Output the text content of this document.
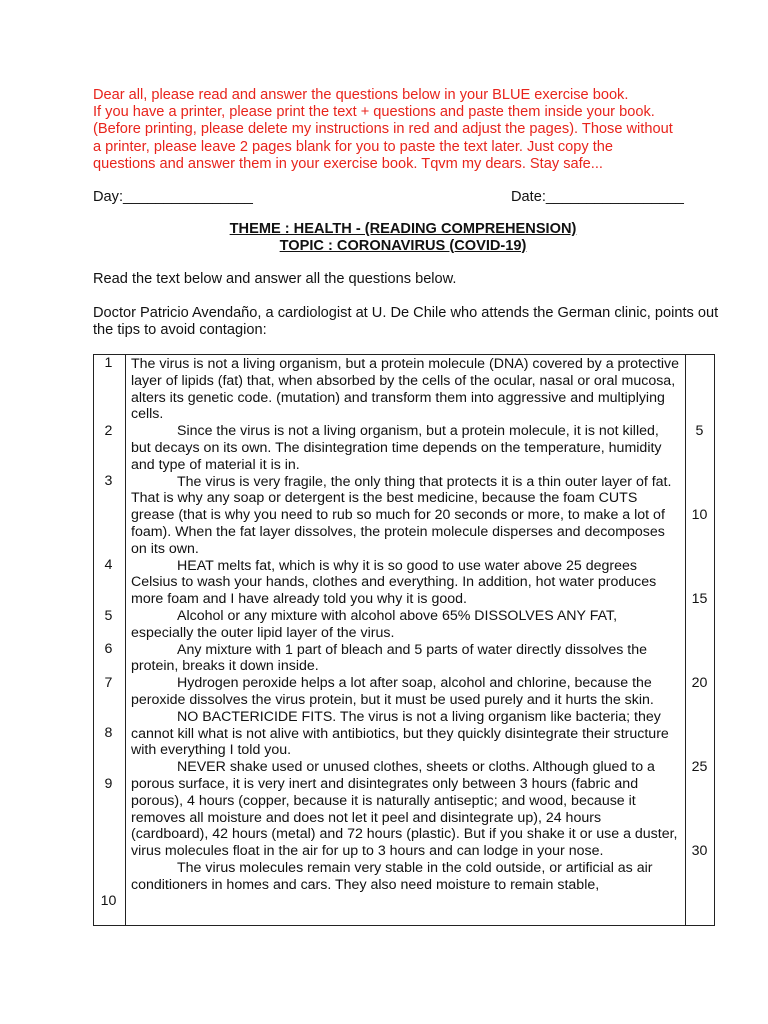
Dear all, please read and answer the questions below in your BLUE exercise book.
If you have a printer, please print the text + questions and paste them inside your book.
(Before printing, please delete my instructions in red and adjust the pages). Those without
a printer, please leave 2 pages blank for you to paste the text later. Just copy the
questions and answer them in your exercise book. Tqvm my dears. Stay safe...
Day:________________	Date:_________________
THEME : HEALTH - (READING COMPREHENSION)
TOPIC : CORONAVIRUS (COVID-19)
Read the text below and answer all the questions below.
Doctor Patricio Avendaño, a cardiologist at U. De Chile who attends the German clinic, points out the tips to avoid contagion:

The virus is not a living organism, but a protein molecule (DNA) covered by a protective layer of lipids (fat) that, when absorbed by the cells of the ocular, nasal or oral mucosa, alters its genetic code. (mutation) and transform them into aggressive and multiplying cells.

Since the virus is not a living organism, but a protein molecule, it is not killed, but decays on its own. The disintegration time depends on the temperature, humidity and type of material it is in.

The virus is very fragile, the only thing that protects it is a thin outer layer of fat. That is why any soap or detergent is the best medicine, because the foam CUTS grease (that is why you need to rub so much for 20 seconds or more, to make a lot of foam). When the fat layer dissolves, the protein molecule disperses and decomposes on its own.

HEAT melts fat, which is why it is so good to use water above 25 degrees Celsius to wash your hands, clothes and everything. In addition, hot water produces more foam and I have already told you why it is good.

Alcohol or any mixture with alcohol above 65% DISSOLVES ANY FAT, especially the outer lipid layer of the virus.

Any mixture with 1 part of bleach and 5 parts of water directly dissolves the protein, breaks it down inside.

Hydrogen peroxide helps a lot after soap, alcohol and chlorine, because the peroxide dissolves the virus protein, but it must be used purely and it hurts the skin.

NO BACTERICIDE FITS. The virus is not a living organism like bacteria; they cannot kill what is not alive with antibiotics, but they quickly disintegrate their structure with everything I told you.

NEVER shake used or unused clothes, sheets or cloths. Although glued to a porous surface, it is very inert and disintegrates only between 3 hours (fabric and porous), 4 hours (copper, because it is naturally antiseptic; and wood, because it removes all moisture and does not let it peel and disintegrate up), 24 hours (cardboard), 42 hours (metal) and 72 hours (plastic). But if you shake it or use a duster, virus molecules float in the air for up to 3 hours and can lodge in your nose.

The virus molecules remain very stable in the cold outside, or artificial as air conditioners in homes and cars. They also need moisture to remain stable,

1
2
3
4
5
6
7
8
9
10
5
10
15
20
25
30
